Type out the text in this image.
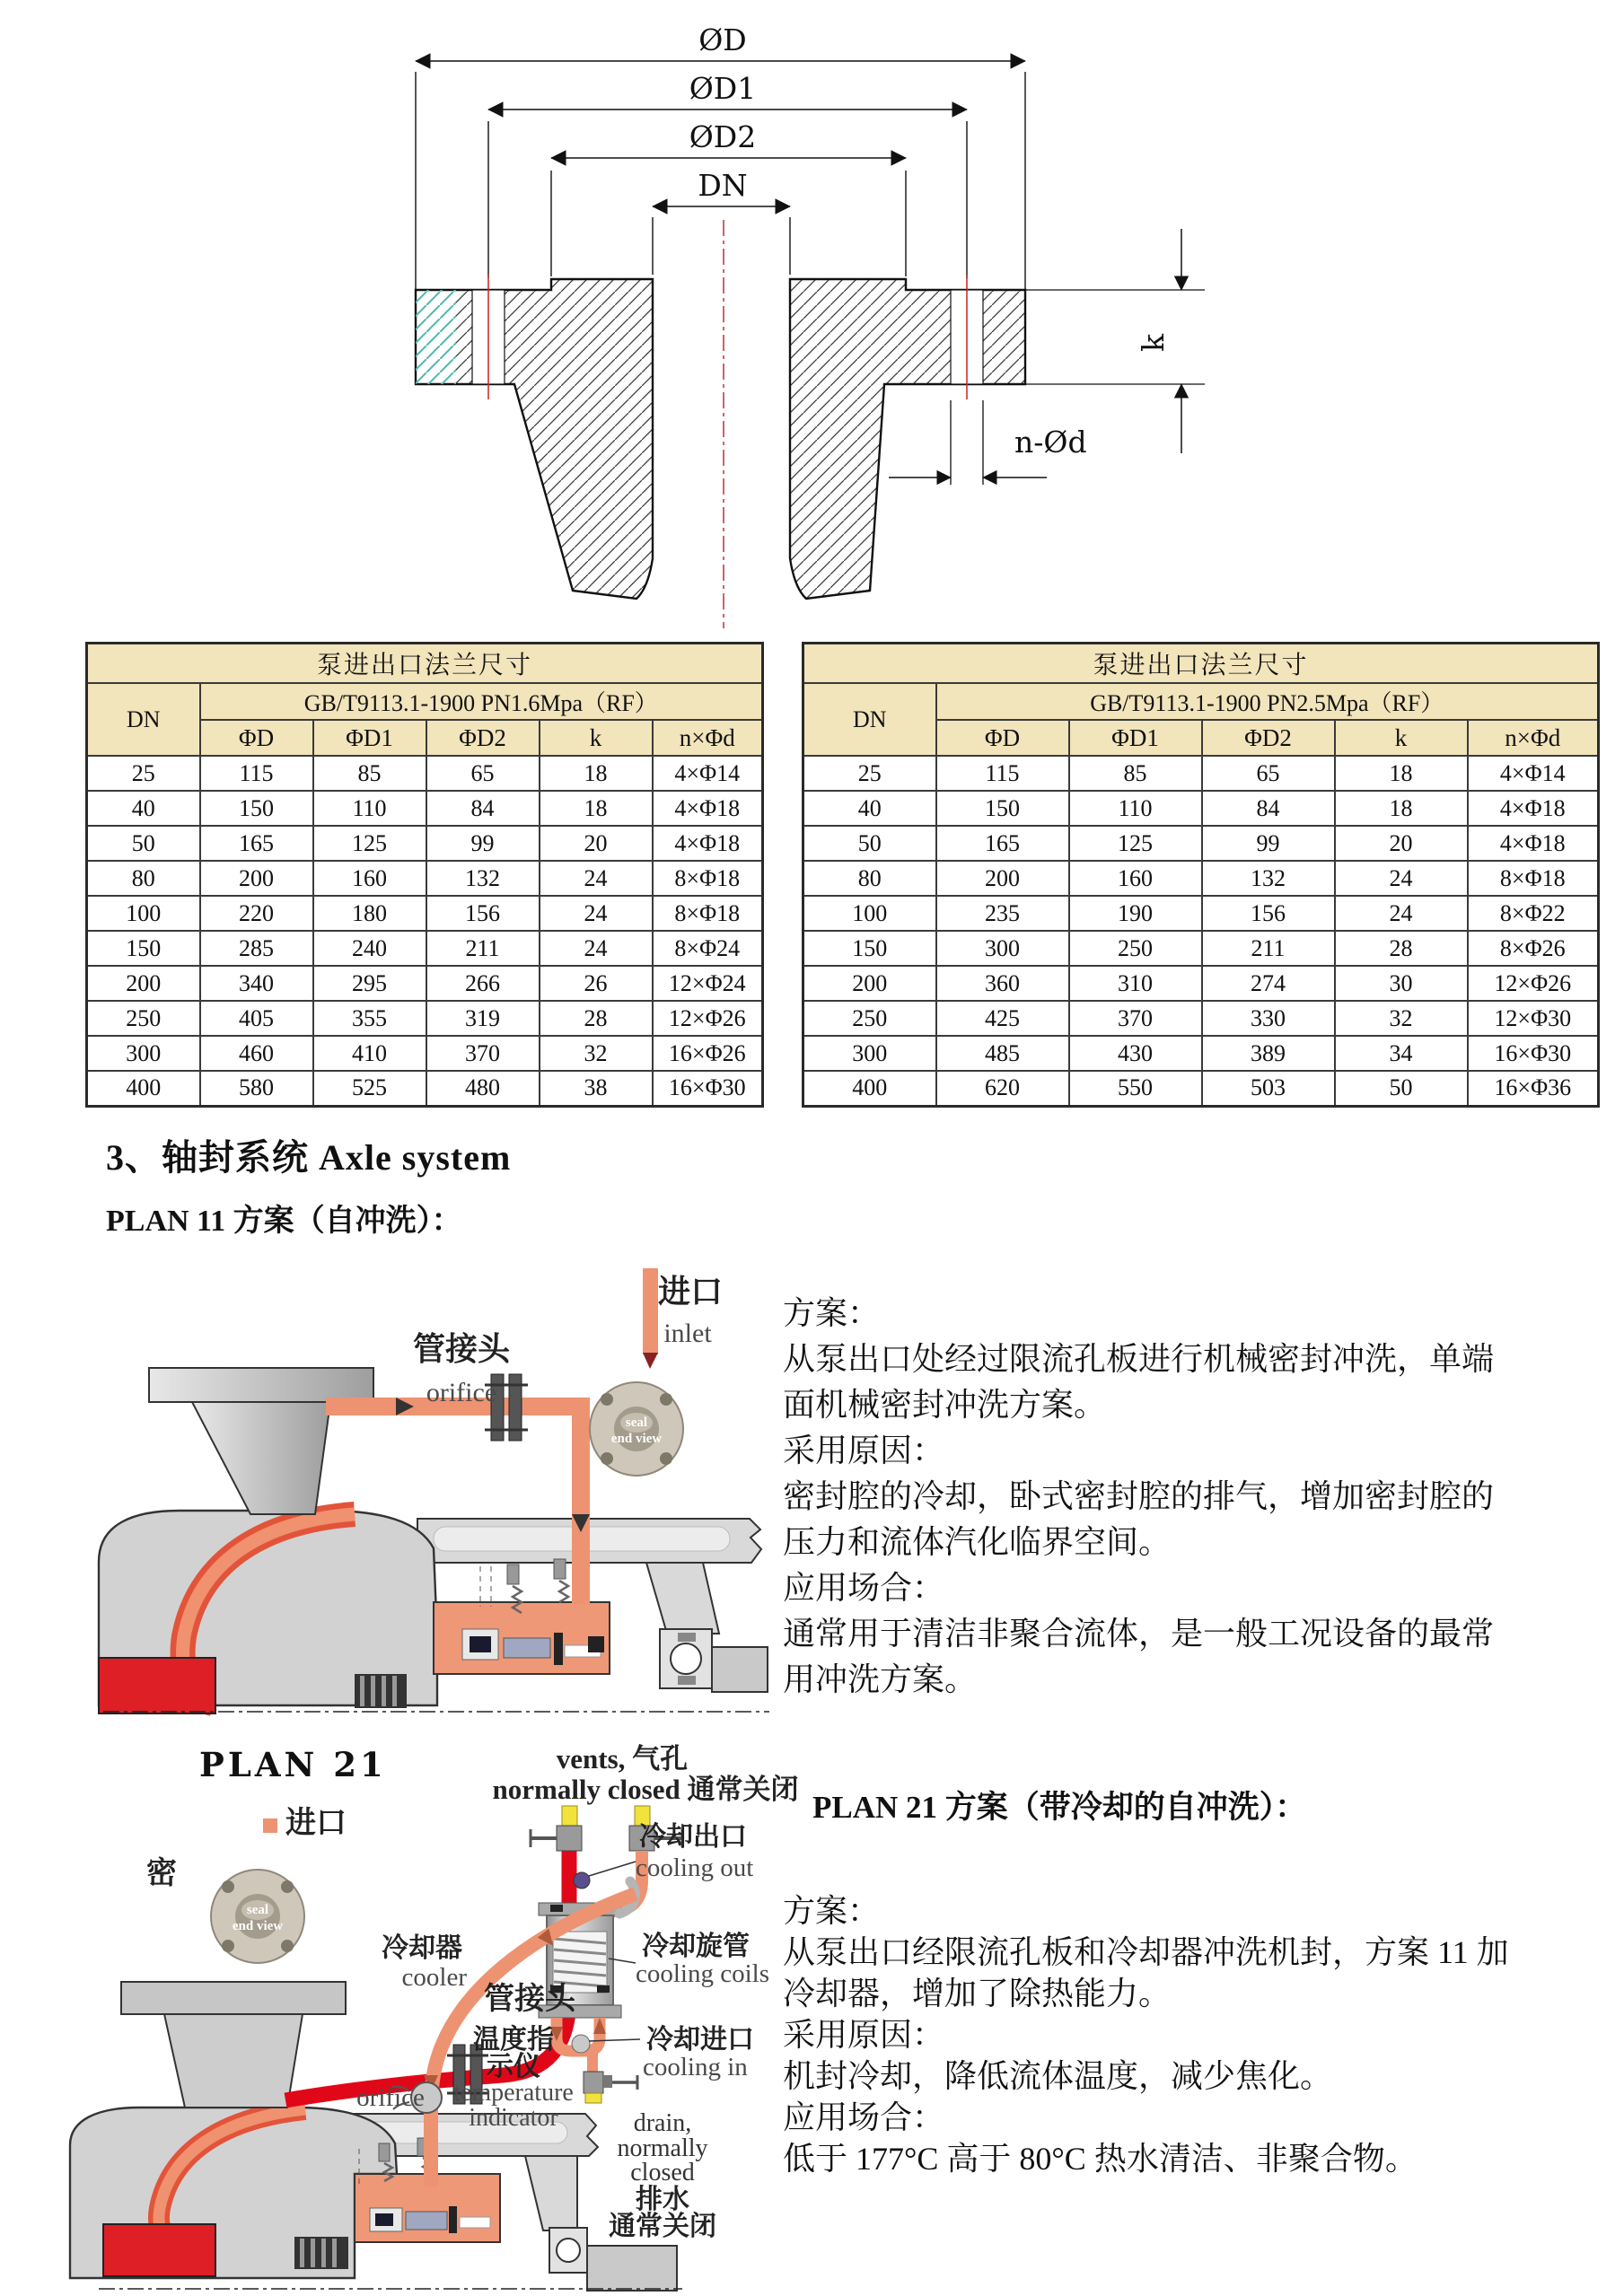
ØD
ØD1
ØD2
DN
k
n-Ød
泵进出口法兰尺寸					
DN	GB/T9113.1-1900 PN1.6Mpa（RF）				
	ΦD	ΦD1	ΦD2	k	n×Φd
25	115	85	65	18	4×Φ14
40	150	110	84	18	4×Φ18
50	165	125	99	20	4×Φ18
80	200	160	132	24	8×Φ18
100	220	180	156	24	8×Φ18
150	285	240	211	24	8×Φ24
200	340	295	266	26	12×Φ24
250	405	355	319	28	12×Φ26
300	460	410	370	32	16×Φ26
400	580	525	480	38	16×Φ30
泵进出口法兰尺寸					
DN	GB/T9113.1-1900 PN2.5Mpa（RF）				
	ΦD	ΦD1	ΦD2	k	n×Φd
25	115	85	65	18	4×Φ14
40	150	110	84	18	4×Φ18
50	165	125	99	20	4×Φ18
80	200	160	132	24	8×Φ18
100	235	190	156	24	8×Φ22
150	300	250	211	28	8×Φ26
200	360	310	274	30	12×Φ26
250	425	370	330	32	12×Φ30
300	485	430	389	34	16×Φ30
400	620	550	503	50	16×Φ36
3、轴封系统 Axle system
PLAN 11 方案（自冲洗）：
seal
end view
管接头
orifice
进口
inlet
方案：
从泵出口处经过限流孔板进行机械密封冲洗，单端
面机械密封冲洗方案。
采用原因：
密封腔的冷却，卧式密封腔的排气，增加密封腔的
压力和流体汽化临界空间。
应用场合：
通常用于清洁非聚合流体，是一般工况设备的最常
用冲洗方案。
PLAN 21
PLAN 21 方案（带冷却的自冲洗）：
seal
end view
进口
密
vents, 气孔
normally closed 通常关闭
冷却出口
cooling out
冷却器
cooler
冷却旋管
cooling coils
管接头
orifice
温度指
示仪
temperature
indicator
冷却进口
cooling in
drain,
normally
closed
排水
通常关闭
方案：
从泵出口经限流孔板和冷却器冲洗机封，方案 11 加
冷却器，增加了除热能力。
采用原因：
机封冷却，降低流体温度，减少焦化。
应用场合：
低于 177°C 高于 80°C 热水清洁、非聚合物。
